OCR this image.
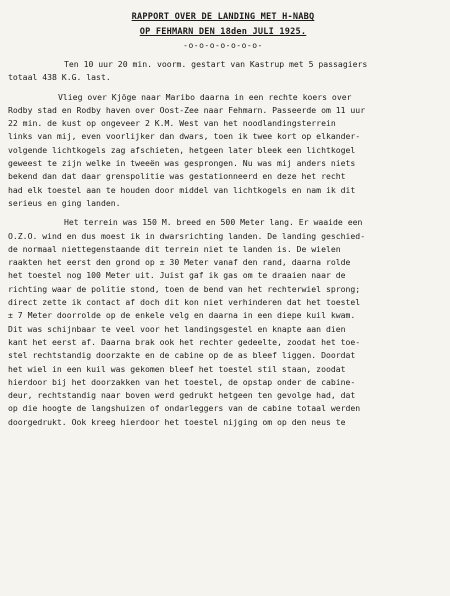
RAPPORT OVER DE LANDING MET H-NABQ

OP FEHMARN DEN 18den JULI 1925.

-o-o-o-o-o-o-o-

Ten 10 uur 20 min. voorm. gestart van Kastrup met 5 passagiers
totaal 438 K.G. last.
Vlieg over Kjöge naar Maribo daarna in een rechte koers over
Rodby stad en Rodby haven over Oost-Zee naar Fehmarn. Passeerde om 11 uur
22 min. de kust op ongeveer 2 K.M. West van het noodlandingsterrein
links van mij, even voorlijker dan dwars, toen ik twee kort op elkander-
volgende lichtkogels zag afschieten, hetgeen later bleek een lichtkogel
geweest te zijn welke in tweeën was gesprongen. Nu was mij anders niets
bekend dan dat daar grenspolitie was gestationneerd en deze het recht
had elk toestel aan te houden door middel van lichtkogels en nam ik dit
serieus en ging landen.
Het terrein was 150 M. breed en 500 Meter lang. Er waaide een
O.Z.O. wind en dus moest ik in dwarsrichting landen. De landing geschied-
de normaal niettegenstaande dit terrein niet te landen is. De wielen
raakten het eerst den grond op ± 30 Meter vanaf den rand, daarna rolde
het toestel nog 100 Meter uit. Juist gaf ik gas om te draaien naar de
richting waar de politie stond, toen de bend van het rechterwiel sprong;
direct zette ik contact af doch dit kon niet verhinderen dat het toestel
± 7 Meter doorrolde op de enkele velg en daarna in een diepe kuil kwam.
Dit was schijnbaar te veel voor het landingsgestel en knapte aan dien
kant het eerst af. Daarna brak ook het rechter gedeelte, zoodat het toe-
stel rechtstandig doorzakte en de cabine op de as bleef liggen. Doordat
het wiel in een kuil was gekomen bleef het toestel stil staan, zoodat
hierdoor bij het doorzakken van het toestel, de opstap onder de cabine-
deur, rechtstandig naar boven werd gedrukt hetgeen ten gevolge had, dat
op die hoogte de langshuizen of ondarleggers van de cabine totaal werden
doorgedrukt. Ook kreeg hierdoor het toestel nijging om op den neus te
